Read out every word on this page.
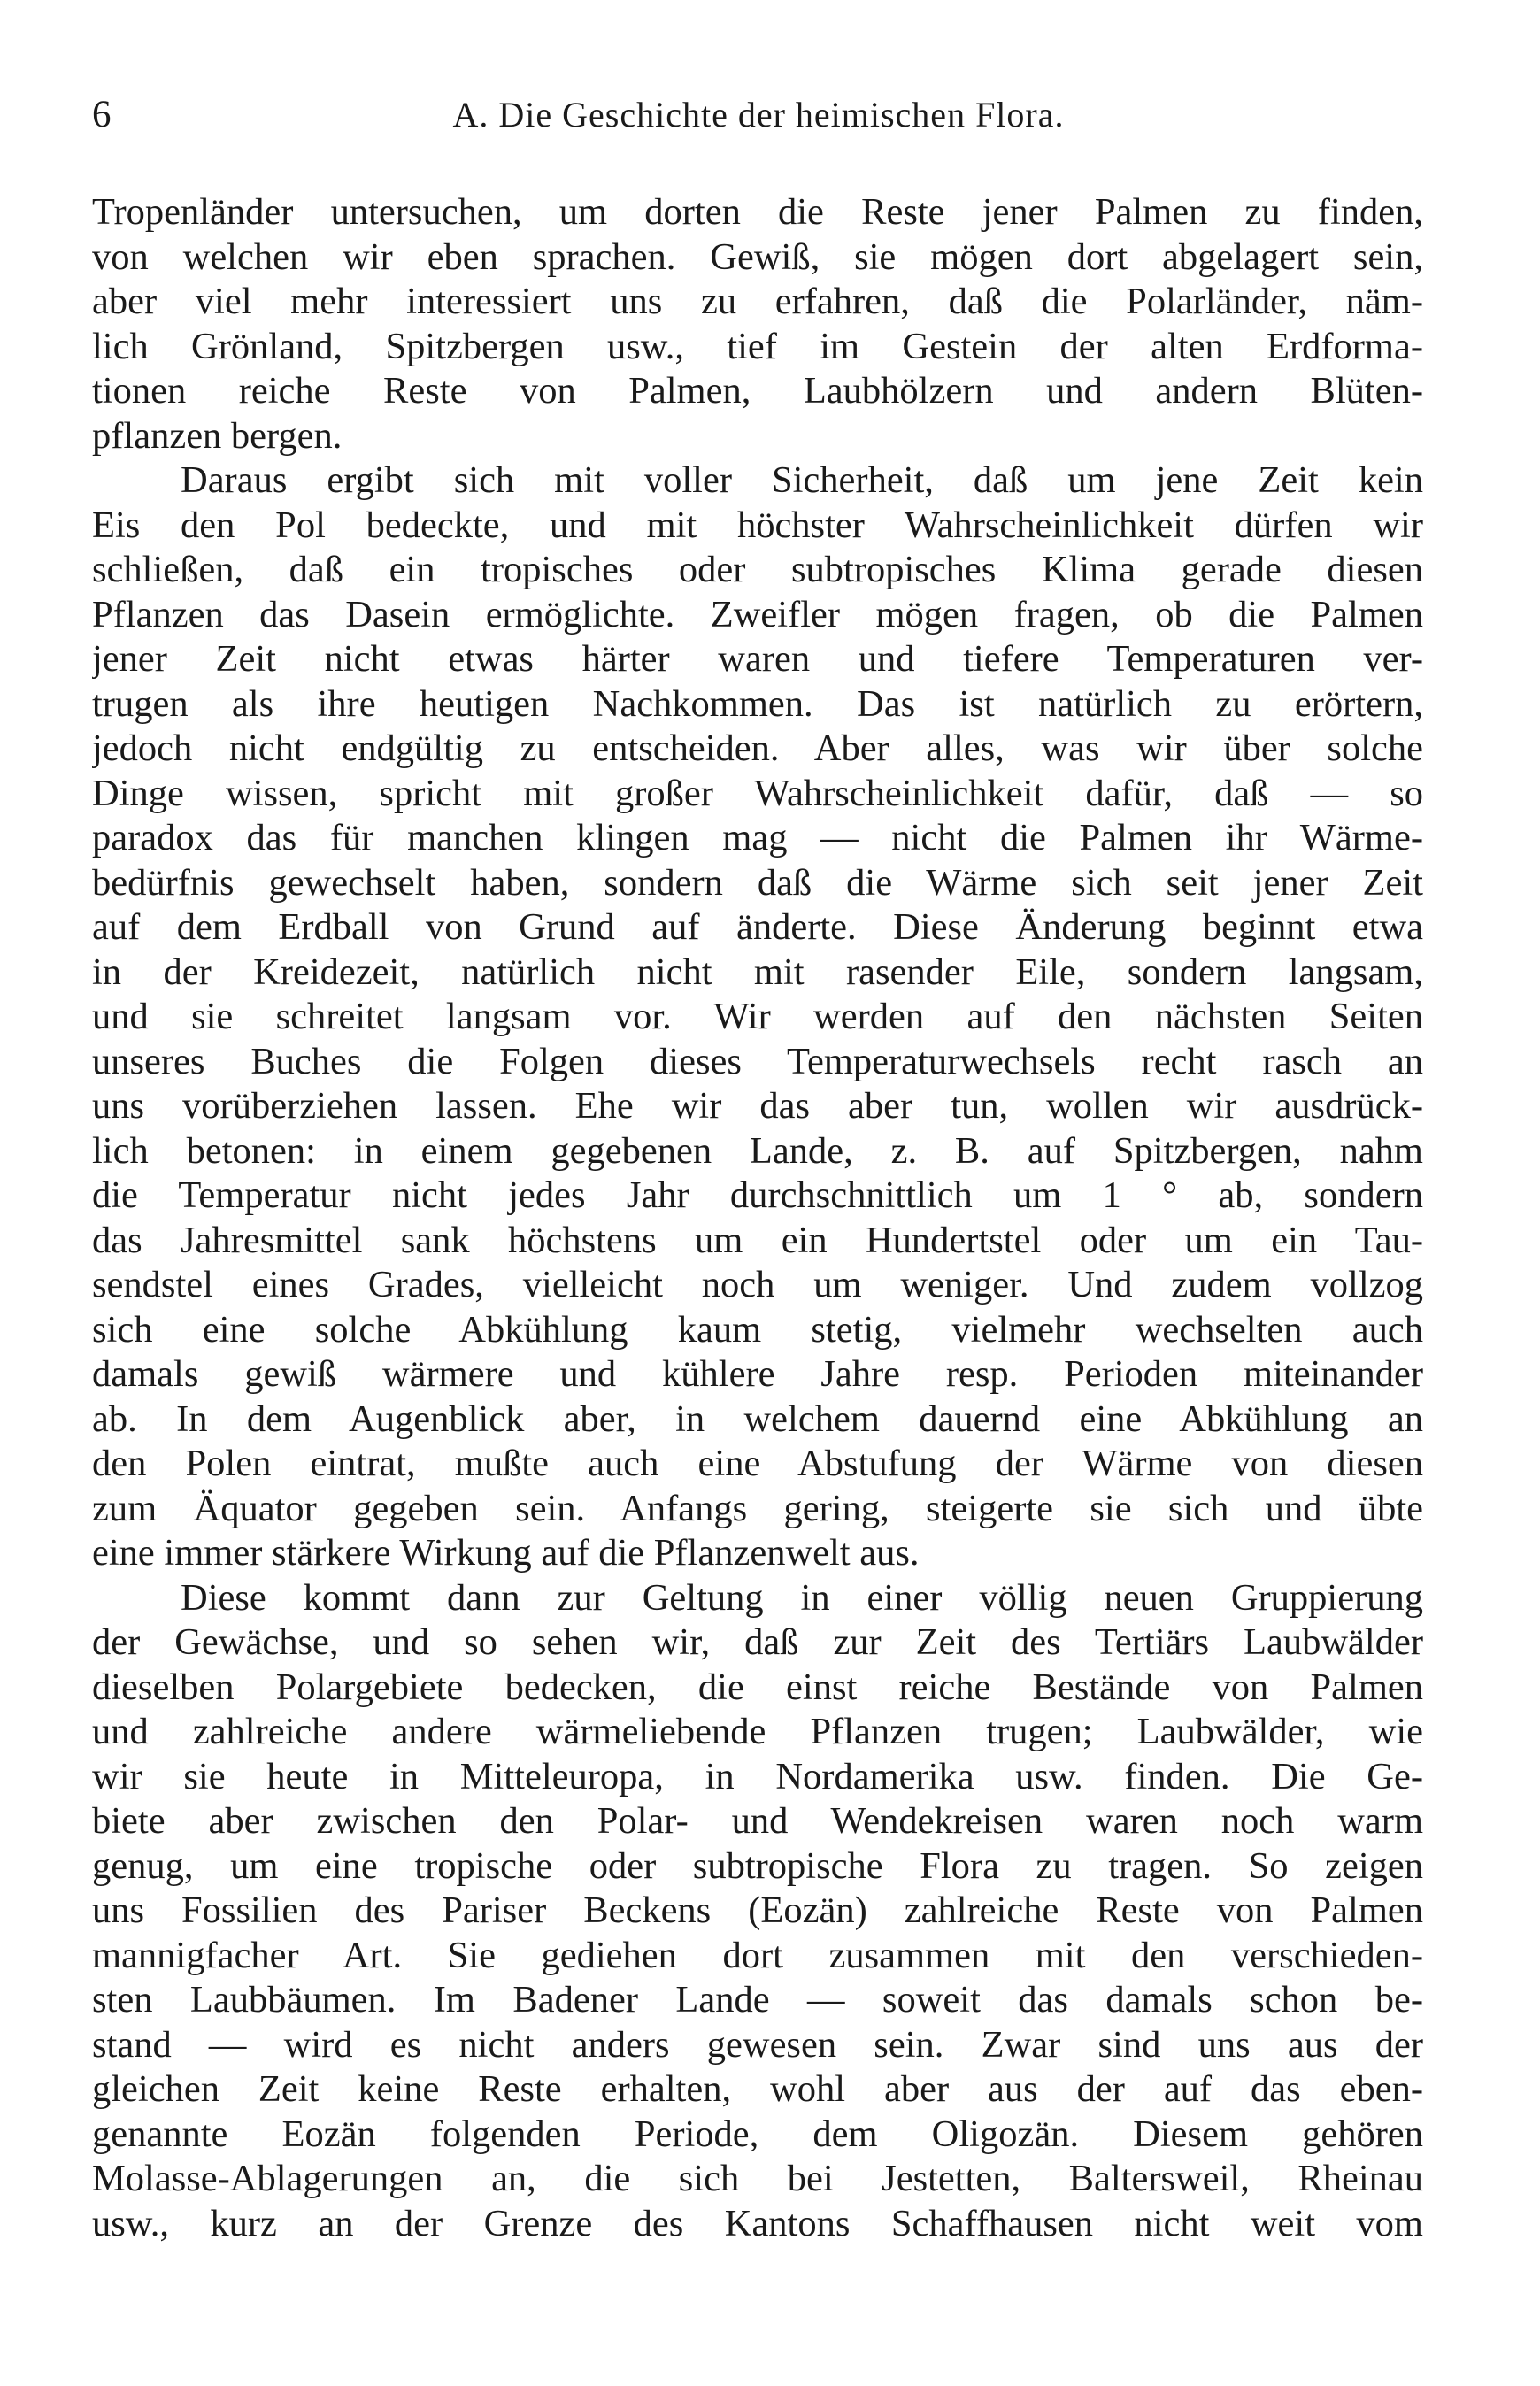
6	A. Die Geschichte der heimischen Flora.
Tropenländer untersuchen, um dorten die Reste jener Palmen zu finden,
von welchen wir eben sprachen. Gewiß, sie mögen dort abgelagert sein,
aber viel mehr interessiert uns zu erfahren, daß die Polarländer, näm-
lich Grönland, Spitzbergen usw., tief im Gestein der alten Erdforma-
tionen reiche Reste von Palmen, Laubhölzern und andern Blüten-
pflanzen bergen.
Daraus ergibt sich mit voller Sicherheit, daß um jene Zeit kein
Eis den Pol bedeckte, und mit höchster Wahrscheinlichkeit dürfen wir
schließen, daß ein tropisches oder subtropisches Klima gerade diesen
Pflanzen das Dasein ermöglichte. Zweifler mögen fragen, ob die Palmen
jener Zeit nicht etwas härter waren und tiefere Temperaturen ver-
trugen als ihre heutigen Nachkommen. Das ist natürlich zu erörtern,
jedoch nicht endgültig zu entscheiden. Aber alles, was wir über solche
Dinge wissen, spricht mit großer Wahrscheinlichkeit dafür, daß — so
paradox das für manchen klingen mag — nicht die Palmen ihr Wärme-
bedürfnis gewechselt haben, sondern daß die Wärme sich seit jener Zeit
auf dem Erdball von Grund auf änderte. Diese Änderung beginnt etwa
in der Kreidezeit, natürlich nicht mit rasender Eile, sondern langsam,
und sie schreitet langsam vor. Wir werden auf den nächsten Seiten
unseres Buches die Folgen dieses Temperaturwechsels recht rasch an
uns vorüberziehen lassen. Ehe wir das aber tun, wollen wir ausdrück-
lich betonen: in einem gegebenen Lande, z. B. auf Spitzbergen, nahm
die Temperatur nicht jedes Jahr durchschnittlich um 1 ° ab, sondern
das Jahresmittel sank höchstens um ein Hundertstel oder um ein Tau-
sendstel eines Grades, vielleicht noch um weniger. Und zudem vollzog
sich eine solche Abkühlung kaum stetig, vielmehr wechselten auch
damals gewiß wärmere und kühlere Jahre resp. Perioden miteinander
ab. In dem Augenblick aber, in welchem dauernd eine Abkühlung an
den Polen eintrat, mußte auch eine Abstufung der Wärme von diesen
zum Äquator gegeben sein. Anfangs gering, steigerte sie sich und übte
eine immer stärkere Wirkung auf die Pflanzenwelt aus.
Diese kommt dann zur Geltung in einer völlig neuen Gruppierung
der Gewächse, und so sehen wir, daß zur Zeit des Tertiärs Laubwälder
dieselben Polargebiete bedecken, die einst reiche Bestände von Palmen
und zahlreiche andere wärmeliebende Pflanzen trugen; Laubwälder, wie
wir sie heute in Mitteleuropa, in Nordamerika usw. finden. Die Ge-
biete aber zwischen den Polar- und Wendekreisen waren noch warm
genug, um eine tropische oder subtropische Flora zu tragen. So zeigen
uns Fossilien des Pariser Beckens (Eozän) zahlreiche Reste von Palmen
mannigfacher Art. Sie gediehen dort zusammen mit den verschieden-
sten Laubbäumen. Im Badener Lande — soweit das damals schon be-
stand — wird es nicht anders gewesen sein. Zwar sind uns aus der
gleichen Zeit keine Reste erhalten, wohl aber aus der auf das eben-
genannte Eozän folgenden Periode, dem Oligozän. Diesem gehören
Molasse-Ablagerungen an, die sich bei Jestetten, Baltersweil, Rheinau
usw., kurz an der Grenze des Kantons Schaffhausen nicht weit vom
